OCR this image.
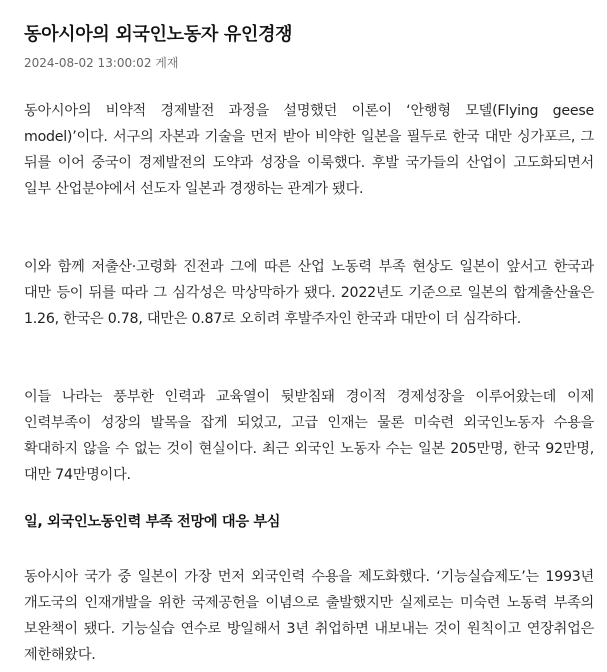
동아시아의 외국인노동자 유인경쟁
2024-08-02 13:00:02 게재

동아시아의 비약적 경제발전 과정을 설명했던 이론이 ‘안행형 모델(Flying geese model)’이다. 서구의 자본과 기술을 먼저 받아 비약한 일본을 필두로 한국 대만 싱가포르, 그 뒤를 이어 중국이 경제발전의 도약과 성장을 이룩했다. 후발 국가들의 산업이 고도화되면서 일부 산업분야에서 선도자 일본과 경쟁하는 관계가 됐다.

이와 함께 저출산·고령화 진전과 그에 따른 산업 노동력 부족 현상도 일본이 앞서고 한국과 대만 등이 뒤를 따라 그 심각성은 막상막하가 됐다. 2022년도 기준으로 일본의 합계출산율은 1.26, 한국은 0.78, 대만은 0.87로 오히려 후발주자인 한국과 대만이 더 심각하다.

이들 나라는 풍부한 인력과 교육열이 뒷받침돼 경이적 경제성장을 이루어왔는데 이제 인력부족이 성장의 발목을 잡게 되었고, 고급 인재는 물론 미숙련 외국인노동자 수용을 확대하지 않을 수 없는 것이 현실이다. 최근 외국인 노동자 수는 일본 205만명, 한국 92만명, 대만 74만명이다.

일, 외국인노동인력 부족 전망에 대응 부심

동아시아 국가 중 일본이 가장 먼저 외국인력 수용을 제도화했다. ‘기능실습제도’는 1993년 개도국의 인재개발을 위한 국제공헌을 이념으로 출발했지만 실제로는 미숙련 노동력 부족의 보완책이 됐다. 기능실습 연수로 방일해서 3년 취업하면 내보내는 것이 원칙이고 연장취업은 제한해왔다.
